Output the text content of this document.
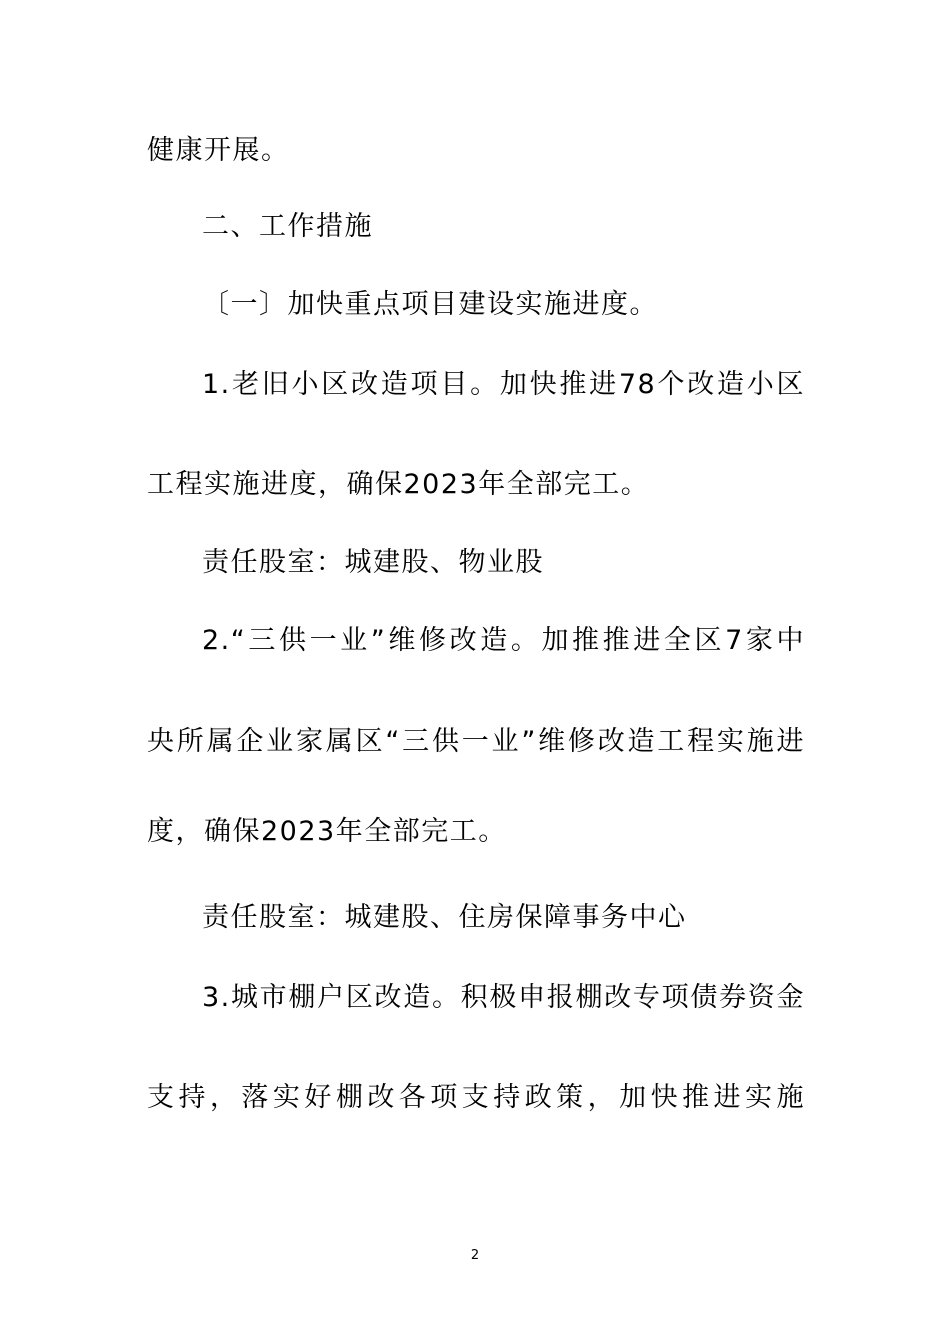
健康开展。
二、工作措施
〔一〕加快重点项目建设实施进度。
1.老旧小区改造项目。加快推进78个改造小区
工程实施进度，确保2023年全部完工。
责任股室：城建股、物业股
2.“三供一业”维修改造。加推推进全区7家中
央所属企业家属区“三供一业”维修改造工程实施进
度，确保2023年全部完工。
责任股室：城建股、住房保障事务中心
3.城市棚户区改造。积极申报棚改专项债券资金
支持，落实好棚改各项支持政策，加快推进实施
2
